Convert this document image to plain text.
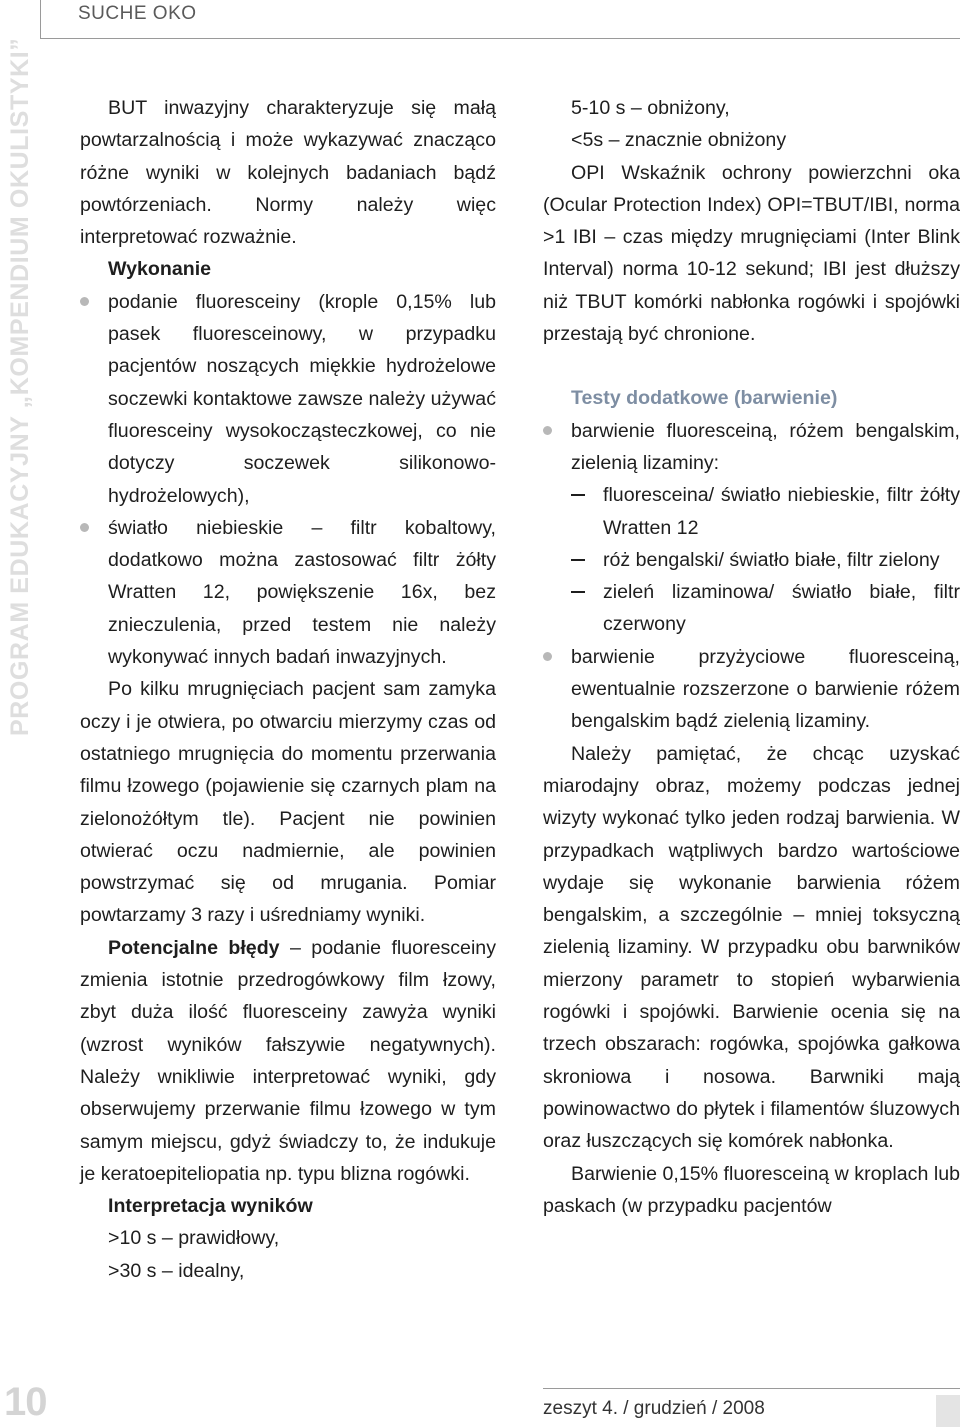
SUCHE OKO
PROGRAM EDUKACYJNY „KOMPENDIUM OKULISTYKI”	BUT inwazyjny charakteryzuje się małą powtarzalnością i może wykazywać znacząco różne wyniki w kolejnych badaniach bądź powtórzeniach. Normy należy więc interpretować rozważnie.

Wykonanie

podanie fluoresceiny (krople 0,15% lub pasek fluoresceinowy, w przypadku pacjentów noszących miękkie hydrożelowe soczewki kontaktowe zawsze należy używać fluoresceiny wysokocząsteczkowej, co nie dotyczy soczewek silikonowo-hydrożelowych),

światło niebieskie – filtr kobaltowy, dodatkowo można zastosować filtr żółty Wratten 12, powiększenie 16x, bez znieczulenia, przed testem nie należy wykonywać innych badań inwazyjnych.

Po kilku mrugnięciach pacjent sam zamyka oczy i je otwiera, po otwarciu mierzymy czas od ostatniego mrugnięcia do momentu przerwania filmu łzowego (pojawienie się czarnych plam na zielonożółtym tle). Pacjent nie powinien otwierać oczu nadmiernie, ale powinien powstrzymać się od mrugania. Pomiar powtarzamy 3 razy i uśredniamy wyniki.

Potencjalne błędy – podanie fluoresceiny zmienia istotnie przedrogówkowy film łzowy, zbyt duża ilość fluoresceiny zawyża wyniki (wzrost wyników fałszywie negatywnych). Należy wnikliwie interpretować wyniki, gdy obserwujemy przerwanie filmu łzowego w tym samym miejscu, gdyż świadczy to, że indukuje je keratoepiteliopatia np. typu blizna rogówki.

Interpretacja wyników

>10 s – prawidłowy,

>30 s – idealny,

5-10 s – obniżony,

<5s – znacznie obniżony

OPI Wskaźnik ochrony powierzchni oka (Ocular Protection Index) OPI=TBUT/IBI, norma >1 IBI – czas między mrugnięciami (Inter Blink Interval) norma 10-12 sekund; IBI jest dłuższy niż TBUT komórki nabłonka rogówki i spojówki przestają być chronione.

Testy dodatkowe (barwienie)

barwienie fluoresceiną, różem bengalskim, zielenią lizaminy:

fluoresceina/ światło niebieskie, filtr żółty Wratten 12

róż bengalski/ światło białe, filtr zielony

zieleń lizaminowa/ światło białe, filtr czerwony

barwienie przyżyciowe fluoresceiną, ewentualnie rozszerzone o barwienie różem bengalskim bądź zielenią lizaminy.

Należy pamiętać, że chcąc uzyskać miarodajny obraz, możemy podczas jednej wizyty wykonać tylko jeden rodzaj barwienia. W przypadkach wątpliwych bardzo wartościowe wydaje się wykonanie barwienia różem bengalskim, a szczególnie – mniej toksyczną zielenią lizaminy. W przypadku obu barwników mierzony parametr to stopień wybarwienia rogówki i spojówki. Barwienie ocenia się na trzech obszarach: rogówka, spojówka gałkowa skroniowa i nosowa. Barwniki mają powinowactwo do płytek i filamentów śluzowych oraz łuszczących się komórek nabłonka.

Barwienie 0,15% fluoresceiną w kroplach lub paskach (w przypadku pacjentów

10	zeszyt 4. / grudzień / 2008
